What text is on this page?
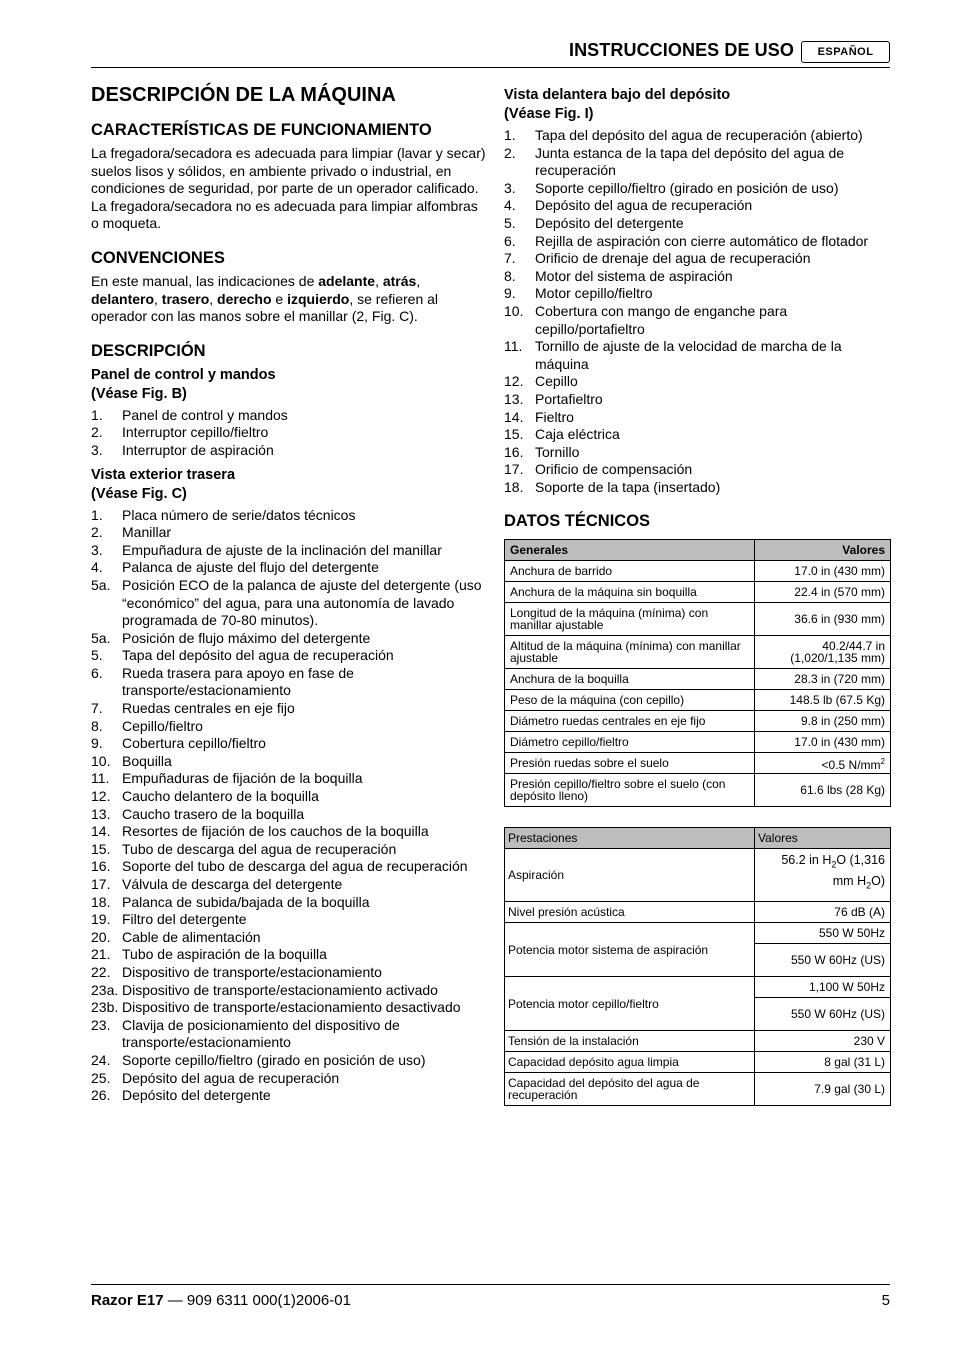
INSTRUCCIONES DE USO	ESPAÑOL
DESCRIPCIÓN DE LA MÁQUINA
CARACTERÍSTICAS DE FUNCIONAMIENTO

La fregadora/secadora es adecuada para limpiar (lavar y secar) suelos lisos y sólidos, en ambiente privado o industrial, en condiciones de seguridad, por parte de un operador calificado.

La fregadora/secadora no es adecuada para limpiar alfombras o moqueta.

CONVENCIONES

En este manual, las indicaciones de adelante, atrás, delantero, trasero, derecho e izquierdo, se refieren al operador con las manos sobre el manillar (2, Fig. C).

DESCRIPCIÓN
Panel de control y mandos
(Véase Fig. B)
1.	Panel de control y mandos
2.	Interruptor cepillo/fieltro
3.	Interruptor de aspiración
Vista exterior trasera
(Véase Fig. C)
1.	Placa número de serie/datos técnicos
2.	Manillar
3.	Empuñadura de ajuste de la inclinación del manillar
4.	Palanca de ajuste del flujo del detergente
5a. Posición ECO de la palanca de ajuste del detergente (uso “económico” del agua, para una autonomía de lavado programada de 70-80 minutos).
5a. Posición de flujo máximo del detergente
5.	Tapa del depósito del agua de recuperación
6.	Rueda trasera para apoyo en fase de transporte/estacionamiento
7.	Ruedas centrales en eje fijo
8.	Cepillo/fieltro
9.	Cobertura cepillo/fieltro
10. Boquilla
11. Empuñaduras de fijación de la boquilla
12. Caucho delantero de la boquilla
13. Caucho trasero de la boquilla
14. Resortes de fijación de los cauchos de la boquilla
15. Tubo de descarga del agua de recuperación
16. Soporte del tubo de descarga del agua de recuperación
17. Válvula de descarga del detergente
18. Palanca de subida/bajada de la boquilla
19. Filtro del detergente
20. Cable de alimentación
21. Tubo de aspiración de la boquilla
22. Dispositivo de transporte/estacionamiento
23a. Dispositivo de transporte/estacionamiento activado
23b. Dispositivo de transporte/estacionamiento desactivado
23. Clavija de posicionamiento del dispositivo de transporte/estacionamiento
24. Soporte cepillo/fieltro (girado en posición de uso)
25. Depósito del agua de recuperación
26. Depósito del detergente
Vista delantera bajo del depósito
(Véase Fig. I)
1.	Tapa del depósito del agua de recuperación (abierto)
2.	Junta estanca de la tapa del depósito del agua de recuperación
3.	Soporte cepillo/fieltro (girado en posición de uso)
4.	Depósito del agua de recuperación
5.	Depósito del detergente
6.	Rejilla de aspiración con cierre automático de flotador
7.	Orificio de drenaje del agua de recuperación
8.	Motor del sistema de aspiración
9.	Motor cepillo/fieltro
10. Cobertura con mango de enganche para cepillo/portafieltro
11. Tornillo de ajuste de la velocidad de marcha de la máquina
12. Cepillo
13. Portafieltro
14. Fieltro
15. Caja eléctrica
16. Tornillo
17. Orificio de compensación
18. Soporte de la tapa (insertado)
DATOS TÉCNICOS
Generales	Valores
Anchura de barrido	17.0 in (430 mm)
Anchura de la máquina sin boquilla	22.4 in (570 mm)
Longitud de la máquina (mínima) con manillar ajustable	36.6 in (930 mm)
Altitud de la máquina (mínima) con manillar ajustable	40.2/44.7 in (1,020/1,135 mm)
Anchura de la boquilla	28.3 in (720 mm)
Peso de la máquina (con cepillo)	148.5 lb (67.5 Kg)
Diámetro ruedas centrales en eje fijo	9.8 in (250 mm)
Diámetro cepillo/fieltro	17.0 in (430 mm)
Presión ruedas sobre el suelo	<0.5 $N/mm^2$
Presión cepillo/fieltro sobre el suelo (con depósito lleno)	61.6 lbs (28 Kg)
Prestaciones	Valores
Aspiración	56.2 in $H_2O$ (1,316
mm $H_2O$)
Nivel presión acústica	76 dB (A)
Potencia motor sistema de aspiración	550 W 50Hz
	550 W 60Hz (US)
Potencia motor cepillo/fieltro	1,100 W 50Hz
	550 W 60Hz (US)
Tensión de la instalación	230 V
Capacidad depósito agua limpia	8 gal (31 L)
Capacidad del depósito del agua de recuperación	7.9 gal (30 L)
Razor E17 — 909 6311 000(1)2006-01	5
